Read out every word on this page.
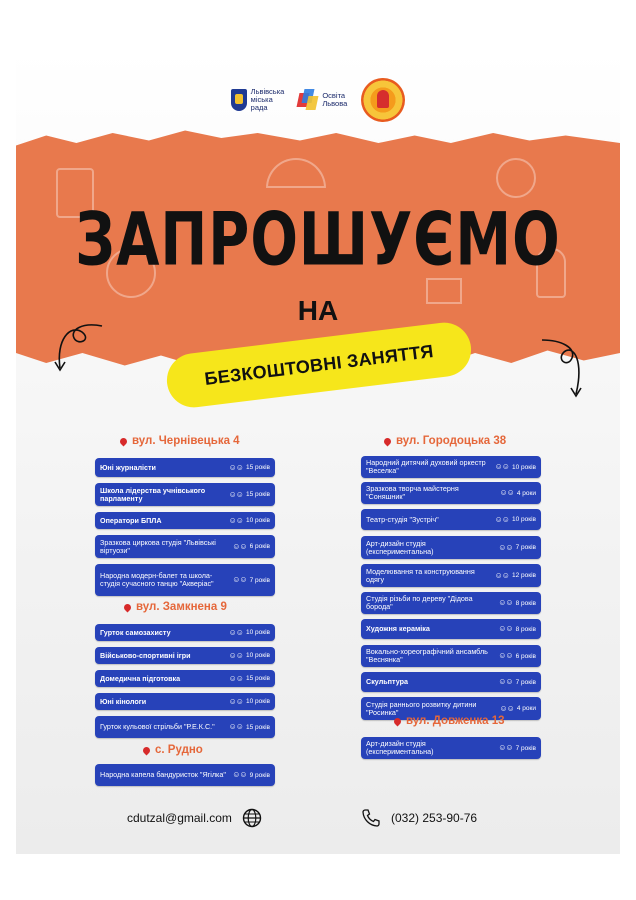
Львівська
міська
рада
Освіта
Львова
ЗАПРОШУЄМО
НА
БЕЗКОШТОВНІ ЗАНЯТТЯ
вул. Чернівецька 4
Юні журналісти	☺☺ 15 років
Школа лідерства учнівського парламенту	☺☺ 15 років
Оператори БПЛА	☺☺ 10 років
Зразкова циркова студія "Львівські віртуози"	☺☺ 6 років
Народна модерн-балет та школа-студія сучасного танцю "Акверіас"	☺☺ 7 років
вул. Замкнена 9
Гурток самозахисту	☺☺ 10 років
Військово-спортивні ігри	☺☺ 10 років
Домедична підготовка	☺☺ 15 років
Юні кінологи	☺☺ 10 років
Гурток кульової стрільби "Р.Е.К.С."	☺☺ 15 років
с. Рудно
Народна капела бандуристок "Ягілка" ☺☺ 9 років
вул. Городоцька 38
Народний дитячий духовий оркестр "Веселка"	☺☺ 10 років
Зразкова творча майстерня "Соняшник"	☺☺ 4 роки
Театр-студія "Зустріч"	☺☺ 10 років
Арт-дизайн студія (експериментальна)	☺☺ 7 років
Моделювання та конструювання одягу	☺☺ 12 років
Студія різьби по дереву "Дідова борода"	☺☺ 8 років
Художня кераміка	☺☺ 8 років
Вокально-хореографічний ансамбль "Веснянка"	☺☺ 6 років
Скульптура	☺☺ 7 років
Студія раннього розвитку дитини "Росинка"	☺☺ 4 роки
вул. Довженка 13
Арт-дизайн студія (експериментальна)	☺☺ 7 років
cdutzal@gmail.com	(032) 253-90-76
